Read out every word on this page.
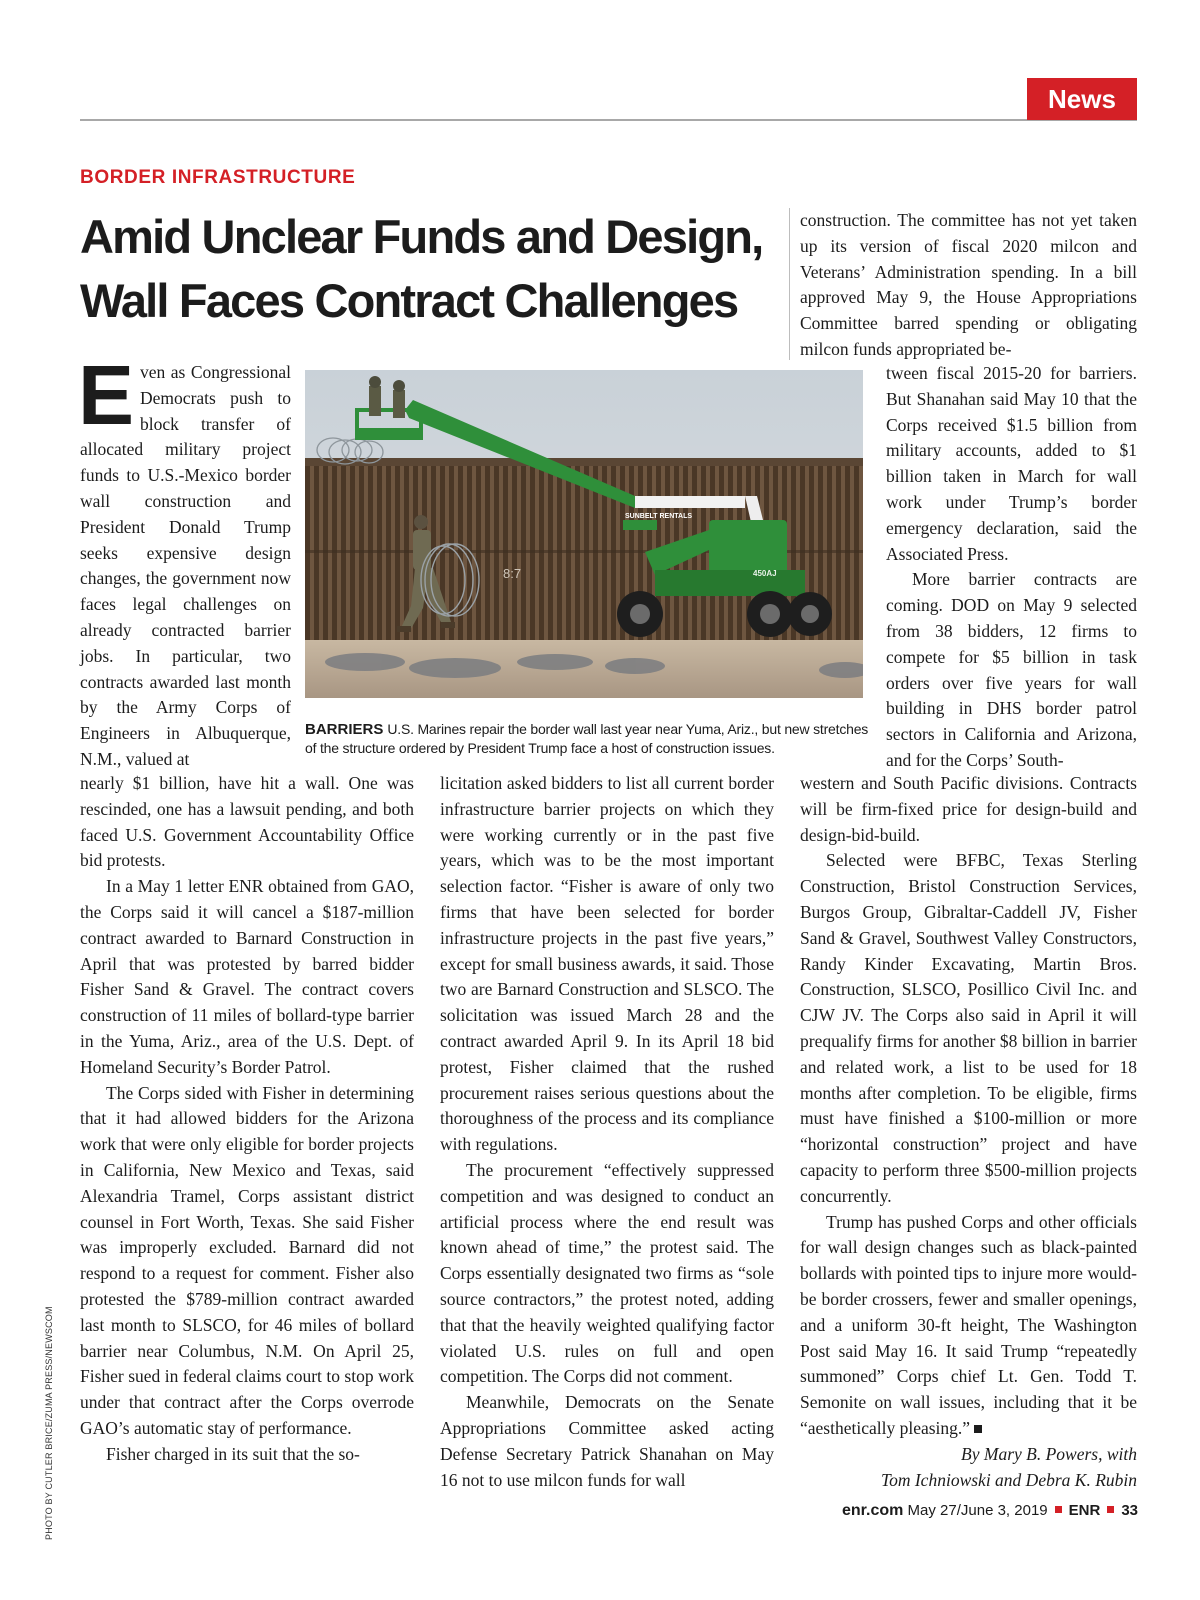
News
BORDER INFRASTRUCTURE
Amid Unclear Funds and Design,
Wall Faces Contract Challenges

Even as Congressional Democrats push to block transfer of allocated military project funds to U.S.-Mexico border wall construction and President Donald Trump seeks expensive design changes, the government now faces legal challenges on already contracted barrier jobs. In particular, two contracts awarded last month by the Army Corps of Engineers in Albuquerque, N.M., valued at

nearly $1 billion, have hit a wall. One was rescinded, one has a lawsuit pending, and both faced U.S. Government Accountability Office bid protests.

In a May 1 letter ENR obtained from GAO, the Corps said it will cancel a $187-million contract awarded to Barnard Construction in April that was protested by barred bidder Fisher Sand & Gravel. The contract covers construction of 11 miles of bollard-type barrier in the Yuma, Ariz., area of the U.S. Dept. of Homeland Security’s Border Patrol.

The Corps sided with Fisher in determining that it had allowed bidders for the Arizona work that were only eligible for border projects in California, New Mexico and Texas, said Alexandria Tramel, Corps assistant district counsel in Fort Worth, Texas. She said Fisher was improperly excluded. Barnard did not respond to a request for comment. Fisher also protested the $789-million contract awarded last month to SLSCO, for 46 miles of bollard barrier near Columbus, N.M. On April 25, Fisher sued in federal claims court to stop work under that contract after the Corps overrode GAO’s automatic stay of performance.

Fisher charged in its suit that the so-

licitation asked bidders to list all current border infrastructure barrier projects on which they were working currently or in the past five years, which was to be the most important selection factor. “Fisher is aware of only two firms that have been selected for border infrastructure projects in the past five years,” except for small business awards, it said. Those two are Barnard Construction and SLSCO. The solicitation was issued March 28 and the contract awarded April 9. In its April 18 bid protest, Fisher claimed that the rushed procurement raises serious questions about the thoroughness of the process and its compliance with regulations.

The procurement “effectively suppressed competition and was designed to conduct an artificial process where the end result was known ahead of time,” the protest said. The Corps essentially designated two firms as “sole source contractors,” the protest noted, adding that that the heavily weighted qualifying factor violated U.S. rules on full and open competition. The Corps did not comment.

Meanwhile, Democrats on the Senate Appropriations Committee asked acting Defense Secretary Patrick Shanahan on May 16 not to use milcon funds for wall

construction. The committee has not yet taken up its version of fiscal 2020 milcon and Veterans’ Administration spending. In a bill approved May 9, the House Appropriations Committee barred spending or obligating milcon funds appropriated be-

tween fiscal 2015-20 for barriers. But Shanahan said May 10 that the Corps received $1.5 billion from military accounts, added to $1 billion taken in March for wall work under Trump’s border emergency declaration, said the Associated Press.

More barrier contracts are coming. DOD on May 9 selected from 38 bidders, 12 firms to compete for $5 billion in task orders over five years for wall building in DHS border patrol sectors in California and Arizona, and for the Corps’ South-

western and South Pacific divisions. Contracts will be firm-fixed price for design-build and design-bid-build.

Selected were BFBC, Texas Sterling Construction, Bristol Construction Services, Burgos Group, Gibraltar-Caddell JV, Fisher Sand & Gravel, Southwest Valley Constructors, Randy Kinder Excavating, Martin Bros. Construction, SLSCO, Posillico Civil Inc. and CJW JV. The Corps also said in April it will prequalify firms for another $8 billion in barrier and related work, a list to be used for 18 months after completion. To be eligible, firms must have finished a $100-million or more “horizontal construction” project and have capacity to perform three $500-million projects concurrently.

Trump has pushed Corps and other officials for wall design changes such as black-painted bollards with pointed tips to injure more would-be border crossers, fewer and smaller openings, and a uniform 30-ft height, The Washington Post said May 16. It said Trump “repeatedly summoned” Corps chief Lt. Gen. Todd T. Semonite on wall issues, including that it be “aesthetically pleasing.”

By Mary B. Powers, with
Tom Ichniowski and Debra K. Rubin

8:7
SUNBELT RENTALS
450AJ
BARRIERS U.S. Marines repair the border wall last year near Yuma, Ariz., but new stretches of the structure ordered by President Trump face a host of construction issues.
PHOTO BY CUTLER BRICE/ZUMA PRESS/NEWSCOM	enr.com May 27/June 3, 2019 ENR 33
